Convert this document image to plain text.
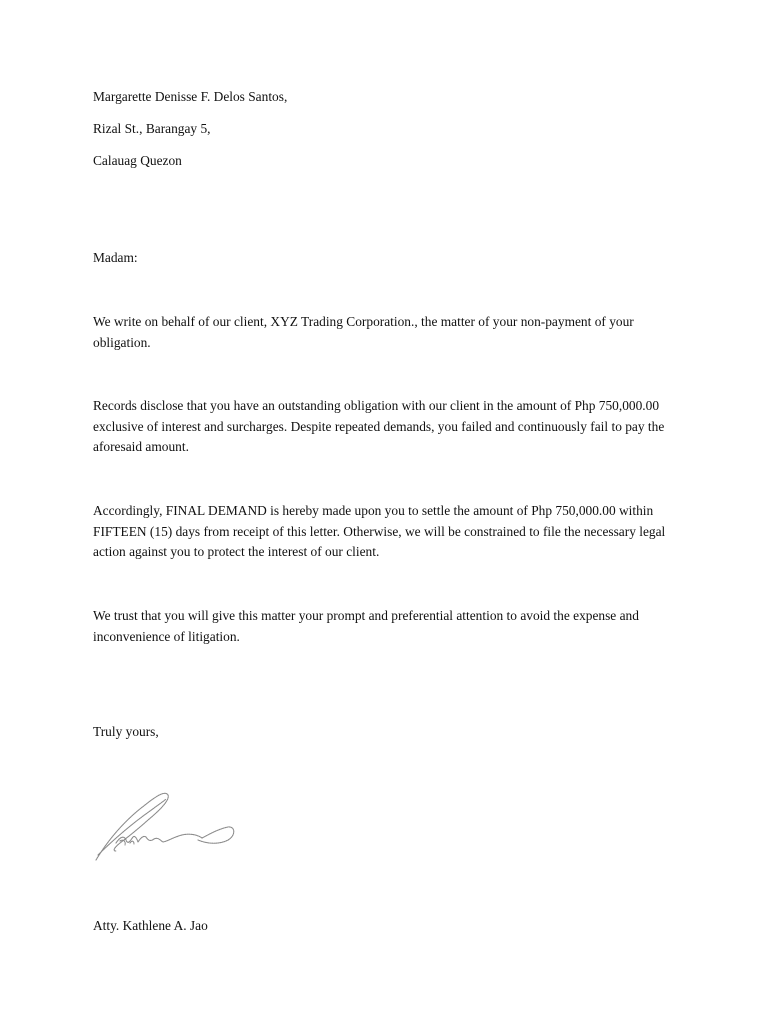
Margarette Denisse F. Delos Santos,

Rizal St., Barangay 5,

Calauag Quezon

Madam:

We write on behalf of our client, XYZ Trading Corporation., the matter of your non-payment of your obligation.

Records disclose that you have an outstanding obligation with our client in the amount of Php 750,000.00 exclusive of interest and surcharges. Despite repeated demands, you failed and continuously fail to pay the aforesaid amount.

Accordingly, FINAL DEMAND is hereby made upon you to settle the amount of Php 750,000.00 within FIFTEEN (15) days from receipt of this letter. Otherwise, we will be constrained to file the necessary legal action against you to protect the interest of our client.

We trust that you will give this matter your prompt and preferential attention to avoid the expense and inconvenience of litigation.

Truly yours,

Atty. Kathlene A. Jao
